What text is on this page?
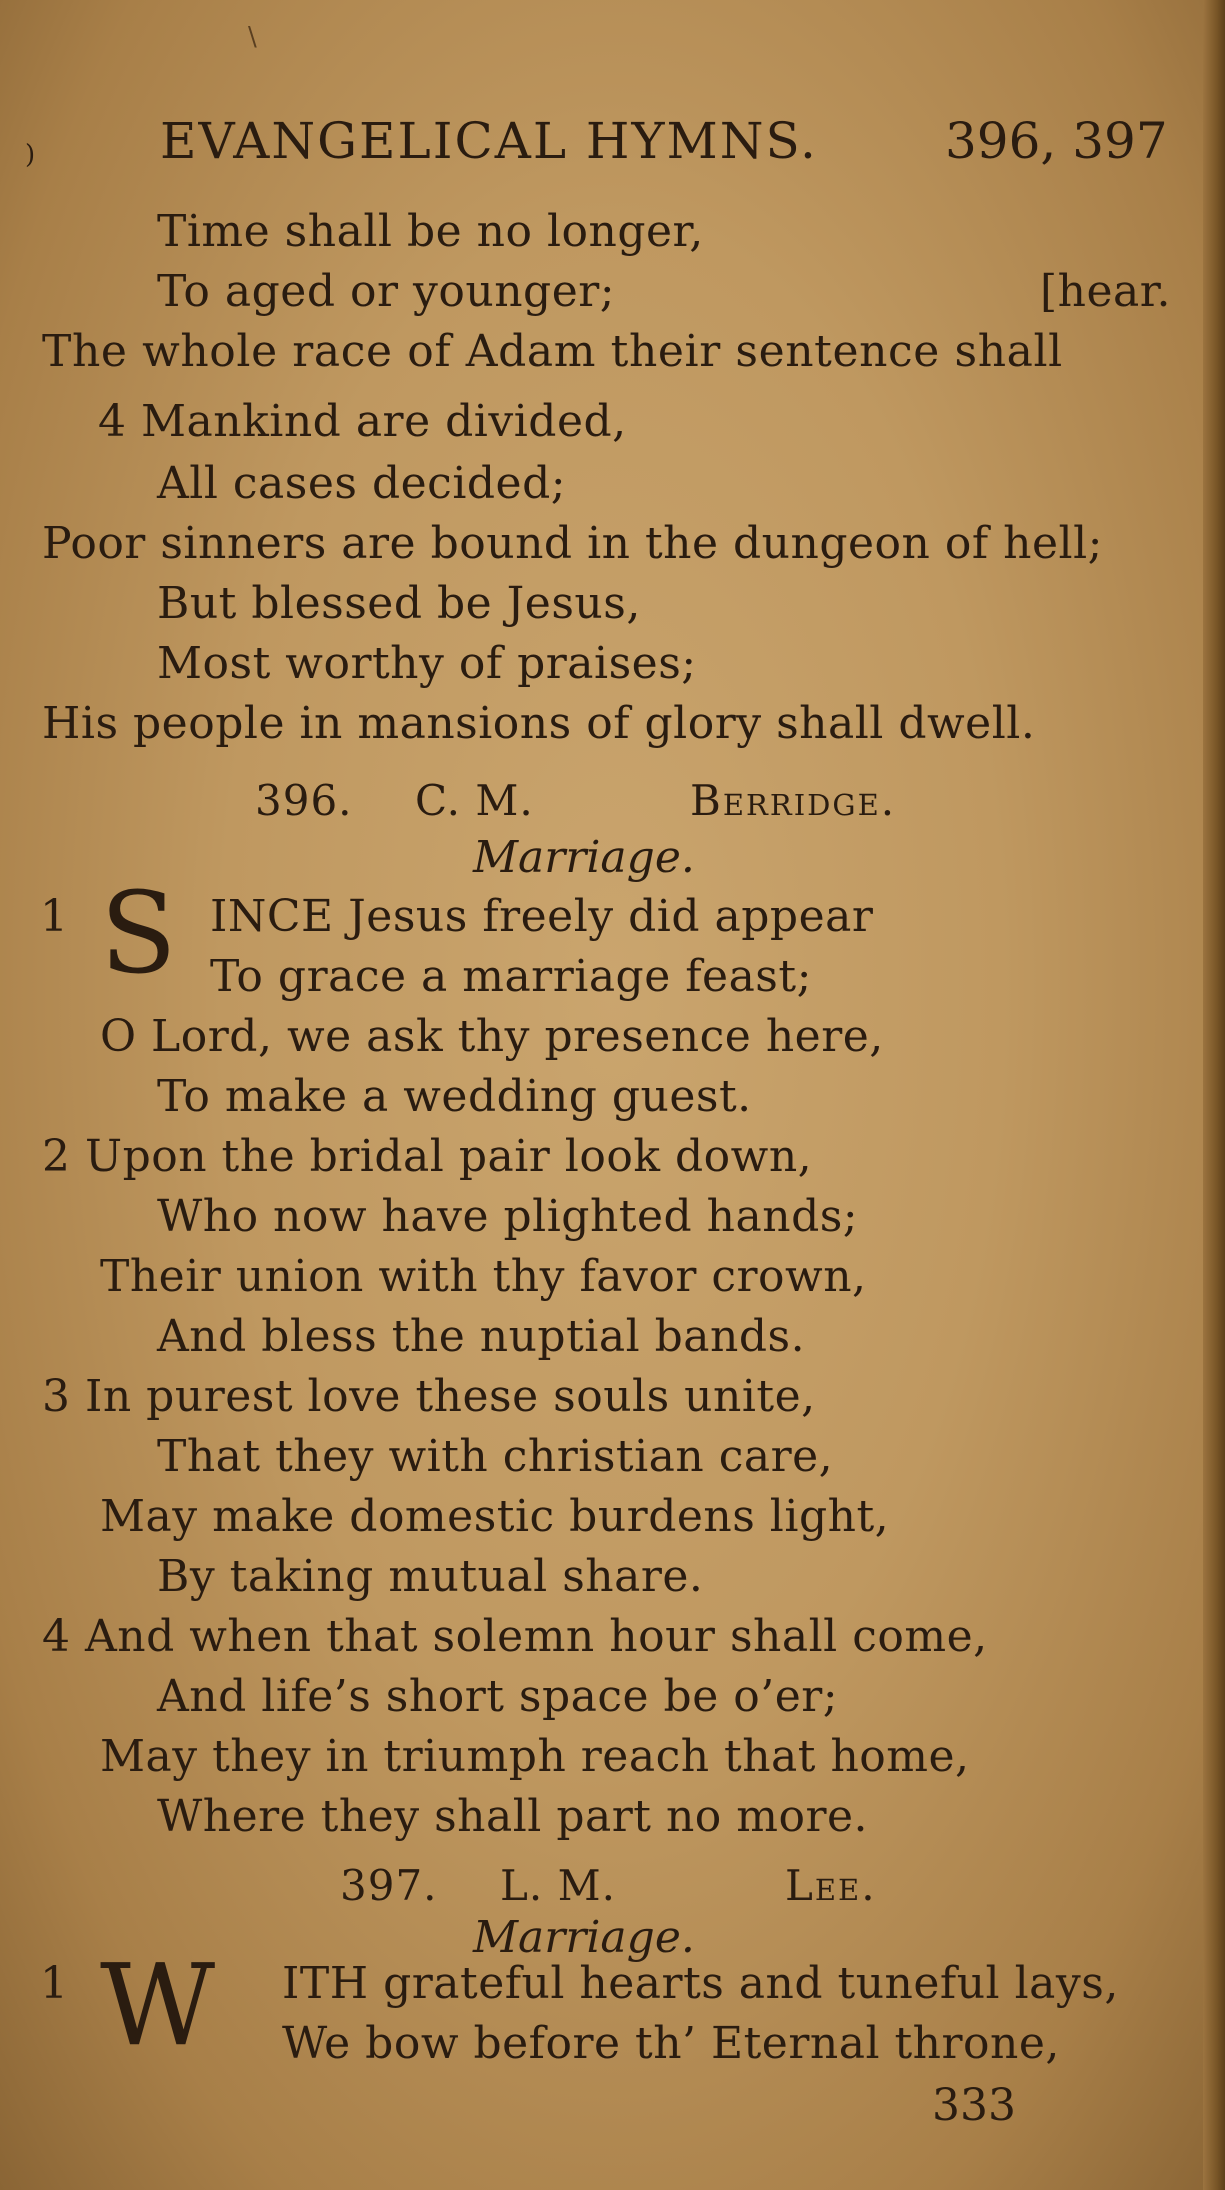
\
) EVANGELICAL HYMNS.	396, 397
Time shall be no longer,
To aged or younger;	[hear.
The whole race of Adam their sentence shall
4 Mankind are divided,
All cases decided;
Poor sinners are bound in the dungeon of hell;
But blessed be Jesus,
Most worthy of praises;
His people in mansions of glory shall dwell.
396. C. M.	Berridge.
Marriage.
1 S INCE Jesus freely did appear
To grace a marriage feast;
O Lord, we ask thy presence here,
To make a wedding guest.
2 Upon the bridal pair look down,
Who now have plighted hands;
Their union with thy favor crown,
And bless the nuptial bands.
3 In purest love these souls unite,
That they with christian care,
May make domestic burdens light,
By taking mutual share.
4 And when that solemn hour shall come,
And life’s short space be o’er;
May they in triumph reach that home,
Where they shall part no more.
397. L. M.	Lee.
Marriage.
1 W ITH grateful hearts and tuneful lays,
We bow before th’ Eternal throne,
333
